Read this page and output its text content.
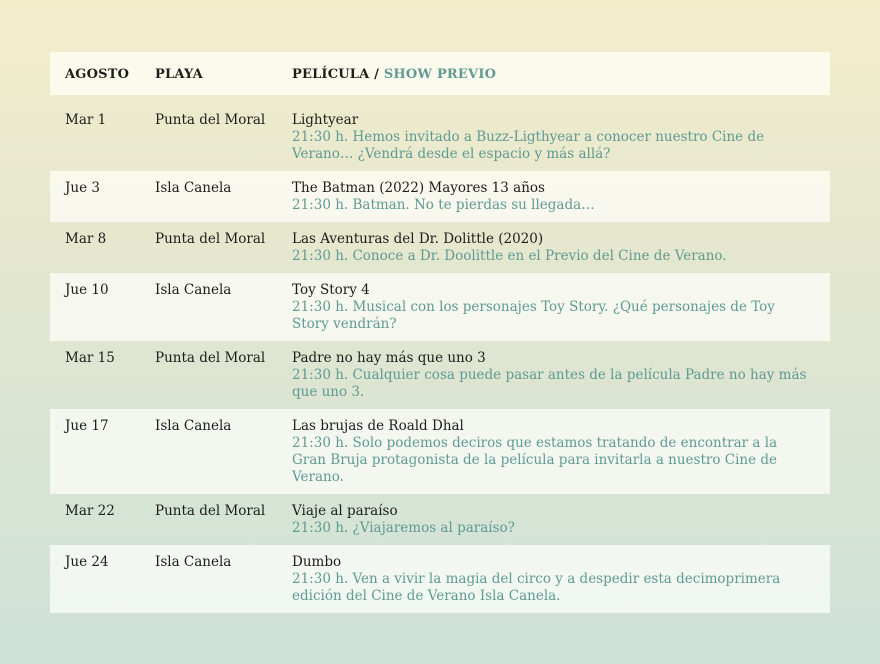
AGOSTO	PLAYA	PELÍCULA / SHOW PREVIO
Mar 1	Punta del Moral	Lightyear
21:30 h. Hemos invitado a Buzz-Ligthyear a conocer nuestro Cine de Verano… ¿Vendrá desde el espacio y más allá?

Jue 3	Isla Canela	The Batman (2022) Mayores 13 años
21:30 h. Batman. No te pierdas su llegada…

Mar 8	Punta del Moral	Las Aventuras del Dr. Dolittle (2020)
21:30 h. Conoce a Dr. Doolittle en el Previo del Cine de Verano.

Jue 10	Isla Canela	Toy Story 4
21:30 h. Musical con los personajes Toy Story. ¿Qué personajes de Toy Story vendrán?

Mar 15	Punta del Moral	Padre no hay más que uno 3
21:30 h. Cualquier cosa puede pasar antes de la película Padre no hay más que uno 3.

Jue 17	Isla Canela	Las brujas de Roald Dhal
21:30 h. Solo podemos deciros que estamos tratando de encontrar a la Gran Bruja protagonista de la película para invitarla a nuestro Cine de Verano.

Mar 22	Punta del Moral	Viaje al paraíso
21:30 h. ¿Viajaremos al paraíso?

Jue 24	Isla Canela	Dumbo
21:30 h. Ven a vivir la magia del circo y a despedir esta decimoprimera edición del Cine de Verano Isla Canela.
